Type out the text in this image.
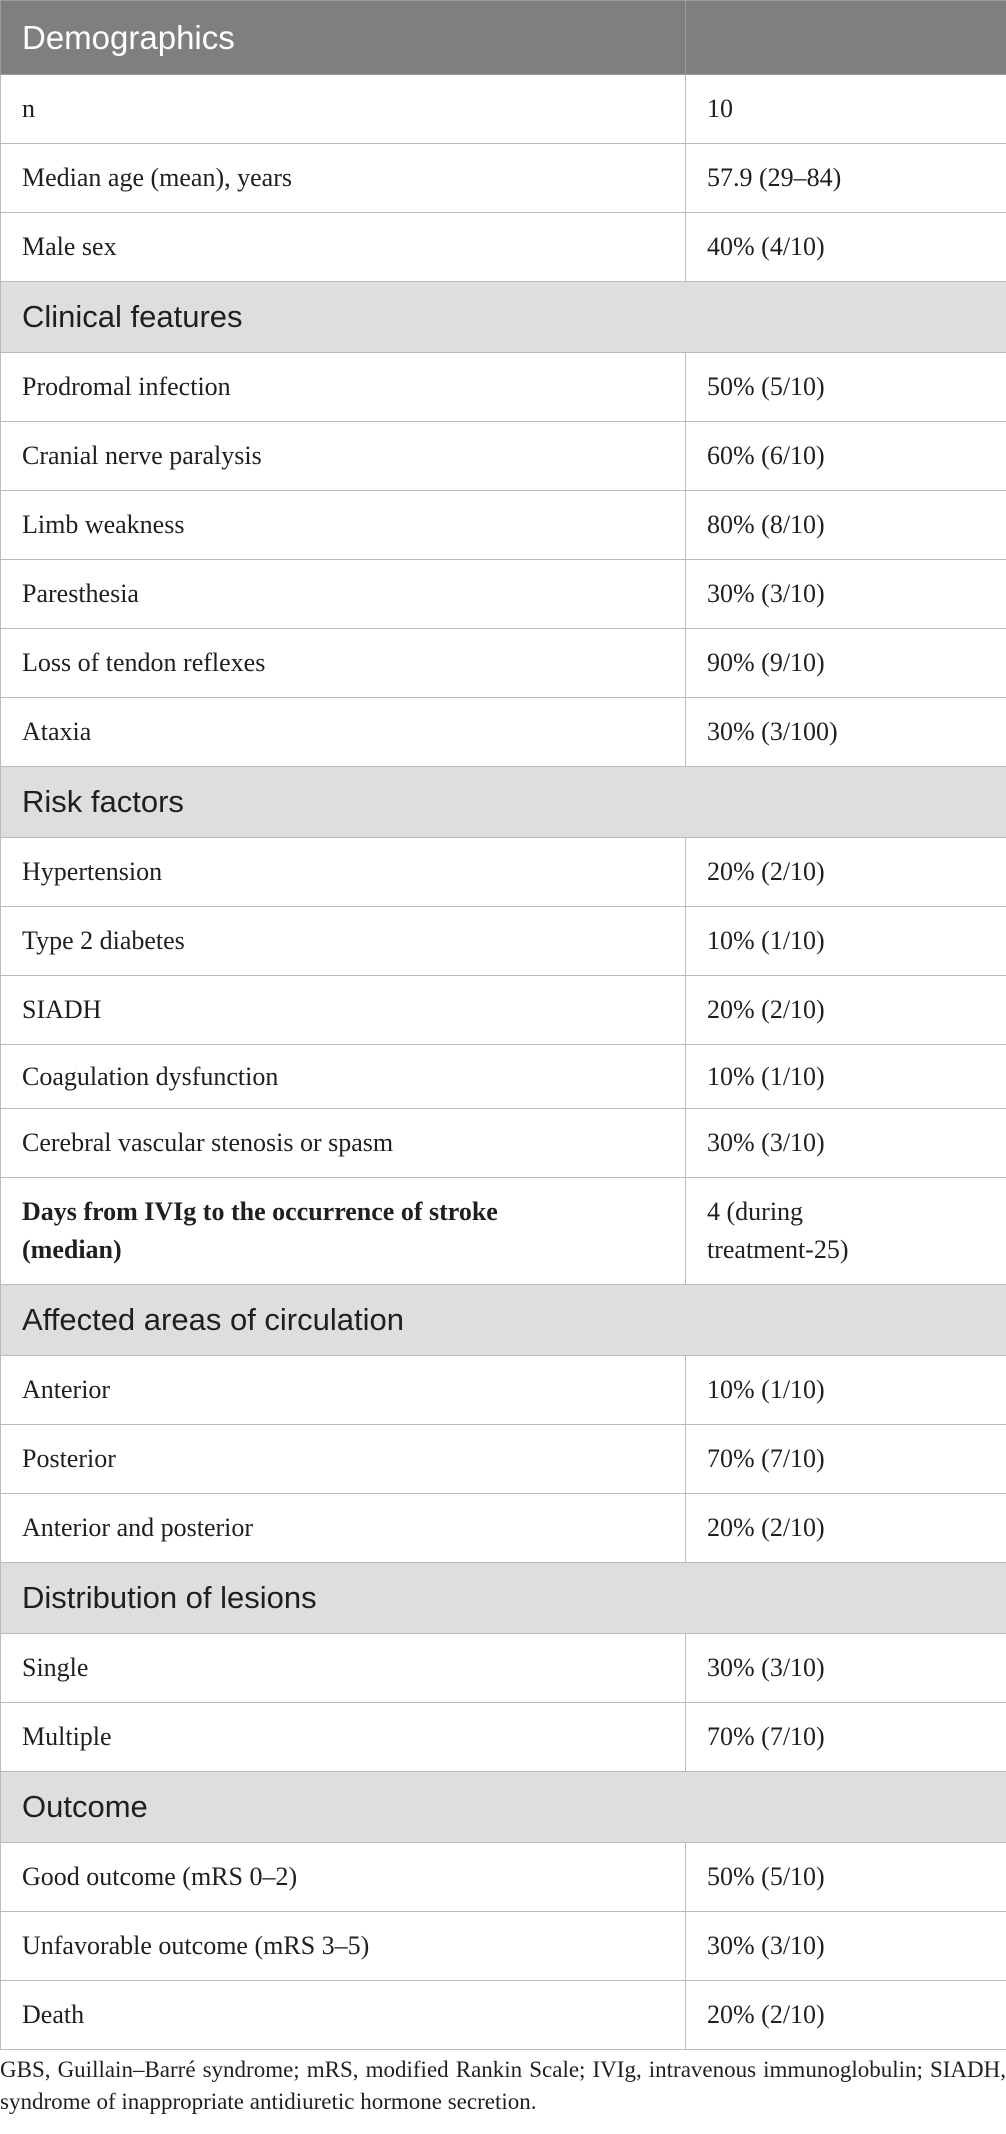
Demographics	
n	10
Median age (mean), years	57.9 (29–84)
Male sex	40% (4/10)
Clinical features	
Prodromal infection	50% (5/10)
Cranial nerve paralysis	60% (6/10)
Limb weakness	80% (8/10)
Paresthesia	30% (3/10)
Loss of tendon reflexes	90% (9/10)
Ataxia	30% (3/100)
Risk factors	
Hypertension	20% (2/10)
Type 2 diabetes	10% (1/10)
SIADH	20% (2/10)
Coagulation dysfunction	10% (1/10)
Cerebral vascular stenosis or spasm	30% (3/10)
Days from IVIg to the occurrence of stroke (median)	4 (during treatment-25)
Affected areas of circulation	
Anterior	10% (1/10)
Posterior	70% (7/10)
Anterior and posterior	20% (2/10)
Distribution of lesions	
Single	30% (3/10)
Multiple	70% (7/10)
Outcome	
Good outcome (mRS 0–2)	50% (5/10)
Unfavorable outcome (mRS 3–5)	30% (3/10)
Death	20% (2/10)
GBS, Guillain–Barré syndrome; mRS, modified Rankin Scale; IVIg, intravenous immunoglobulin; SIADH, syndrome of inappropriate antidiuretic hormone secretion.
